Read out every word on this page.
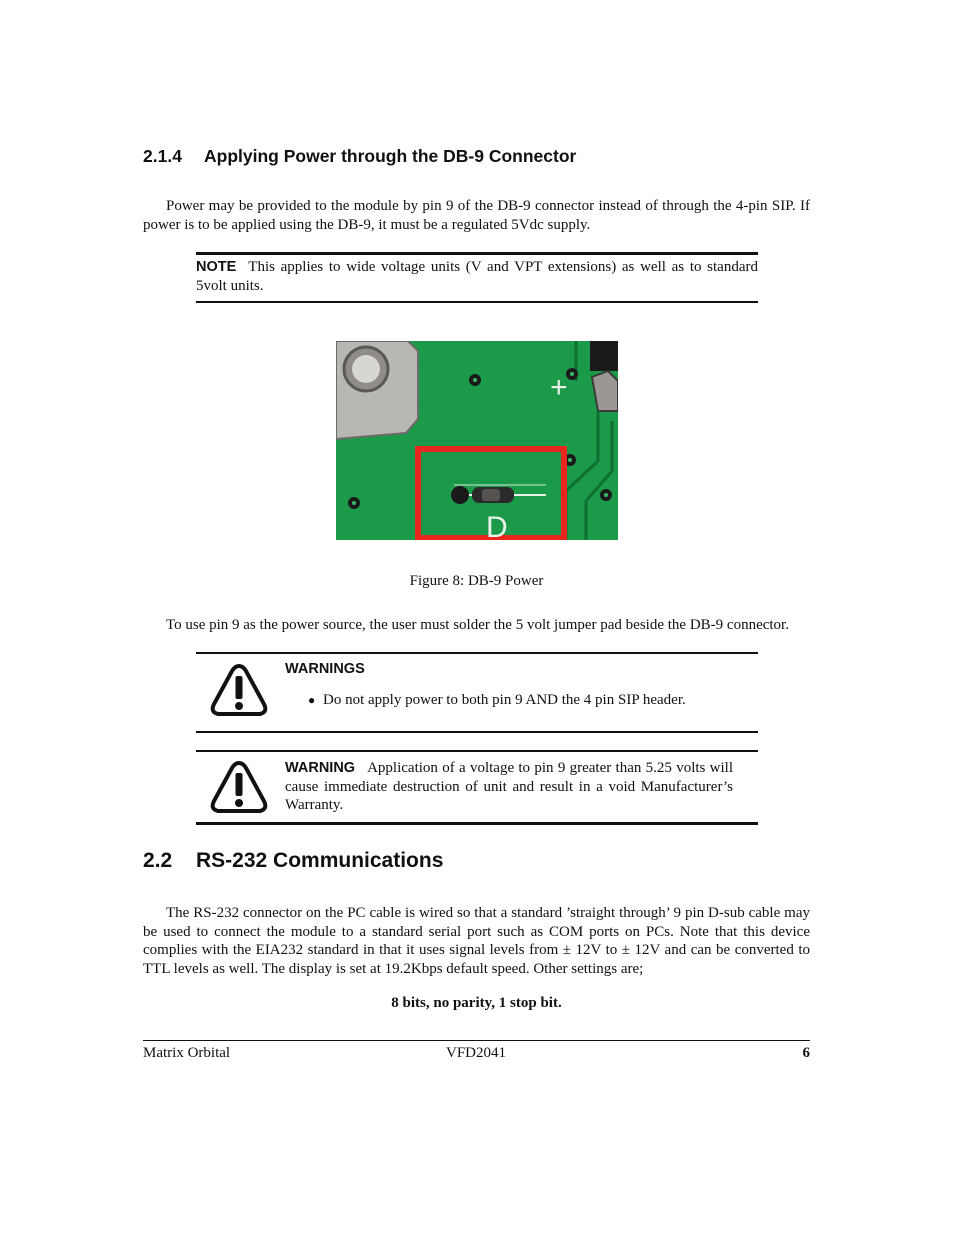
2.1.4 Applying Power through the DB-9 Connector
Power may be provided to the module by pin 9 of the DB-9 connector instead of through the 4-pin SIP. If power is to be applied using the DB-9, it must be a regulated 5Vdc supply.
NOTE This applies to wide voltage units (V and VPT extensions) as well as to standard 5volt units.
+
D
Figure 8: DB-9 Power
To use pin 9 as the power source, the user must solder the 5 volt jumper pad beside the DB-9 connector.
WARNINGS
● Do not apply power to both pin 9 AND the 4 pin SIP header.
WARNING Application of a voltage to pin 9 greater than 5.25 volts will cause immediate destruction of unit and result in a void Manufacturer’s Warranty.
2.2 RS-232 Communications
The RS-232 connector on the PC cable is wired so that a standard ’straight through’ 9 pin D-sub cable may be used to connect the module to a standard serial port such as COM ports on PCs. Note that this device complies with the EIA232 standard in that it uses signal levels from ± 12V to ± 12V and can be converted to TTL levels as well. The display is set at 19.2Kbps default speed. Other settings are;
8 bits, no parity, 1 stop bit.
Matrix Orbital	VFD2041	6
